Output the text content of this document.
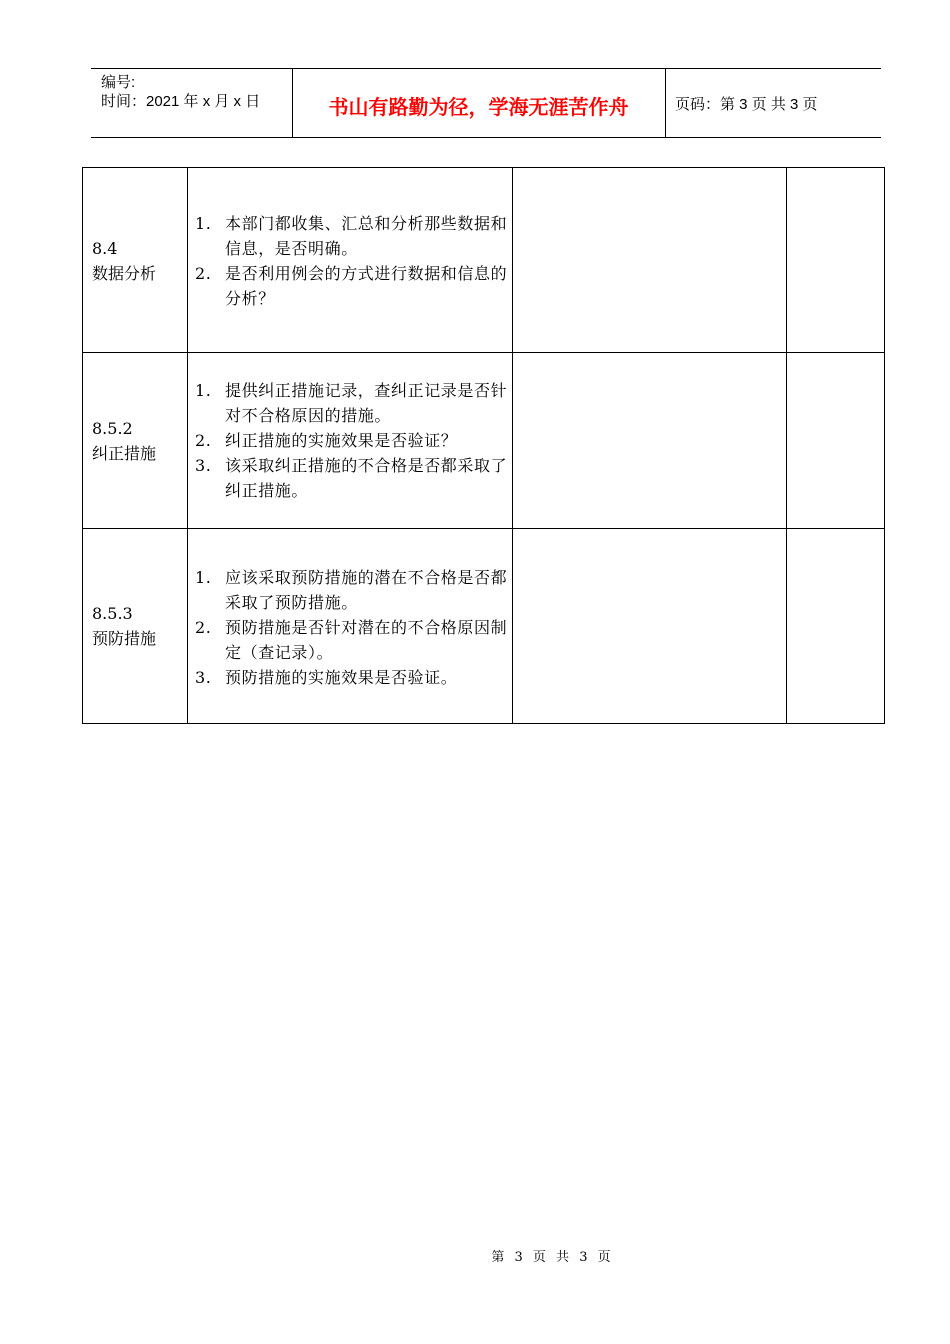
编号:
时间：2021 年 x 月 x 日	书山有路勤为径，学海无涯苦作舟	页码：第 3 页 共 3 页
8.4
数据分析
1. 本部门都收集、汇总和分析那些数据和信息，是否明确。
2. 是否利用例会的方式进行数据和信息的分析？
8.5.2
纠正措施
1. 提供纠正措施记录，查纠正记录是否针对不合格原因的措施。
2. 纠正措施的实施效果是否验证？
3. 该采取纠正措施的不合格是否都采取了纠正措施。
8.5.3
预防措施
1. 应该采取预防措施的潜在不合格是否都采取了预防措施。
2. 预防措施是否针对潜在的不合格原因制定（查记录）。
3. 预防措施的实施效果是否验证。
第 3 页 共 3 页
